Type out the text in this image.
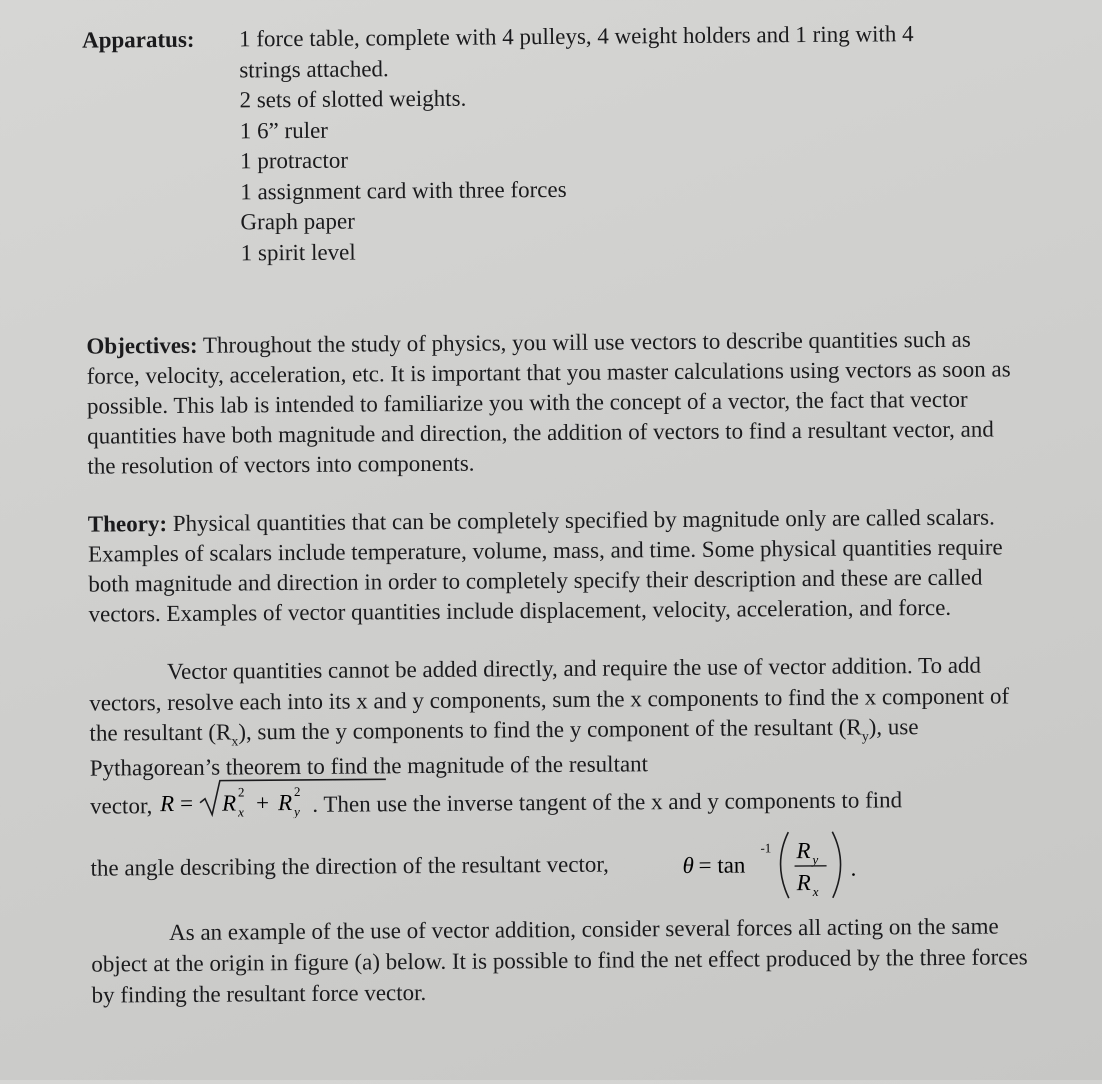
Apparatus: 1 force table, complete with 4 pulleys, 4 weight holders and 1 ring with 4
strings attached.
2 sets of slotted weights.
1 6” ruler
1 protractor
1 assignment card with three forces
Graph paper
1 spirit level

Objectives: Throughout the study of physics, you will use vectors to describe quantities such as force, velocity, acceleration, etc. It is important that you master calculations using vectors as soon as possible. This lab is intended to familiarize you with the concept of a vector, the fact that vector quantities have both magnitude and direction, the addition of vectors to find a resultant vector, and the resolution of vectors into components.

Theory: Physical quantities that can be completely specified by magnitude only are called scalars. Examples of scalars include temperature, volume, mass, and time. Some physical quantities require both magnitude and direction in order to completely specify their description and these are called vectors. Examples of vector quantities include displacement, velocity, acceleration, and force.

Vector quantities cannot be added directly, and require the use of vector addition. To add vectors, resolve each into its x and y components, sum the x components to find the x component of the resultant $(R_x)$, sum the y components to find the y component of the resultant $(R_y)$, use Pythagorean’s theorem to find the magnitude of the resultant
vector, R = R 2
x + R 2
y . Then use the inverse tangent of the x and y components to find
the angle describing the direction of the resultant vector,	θ = tan
-1 R y
R x
.
As an example of the use of vector addition, consider several forces all acting on the same object at the origin in figure (a) below. It is possible to find the net effect produced by the three forces by finding the resultant force vector.
